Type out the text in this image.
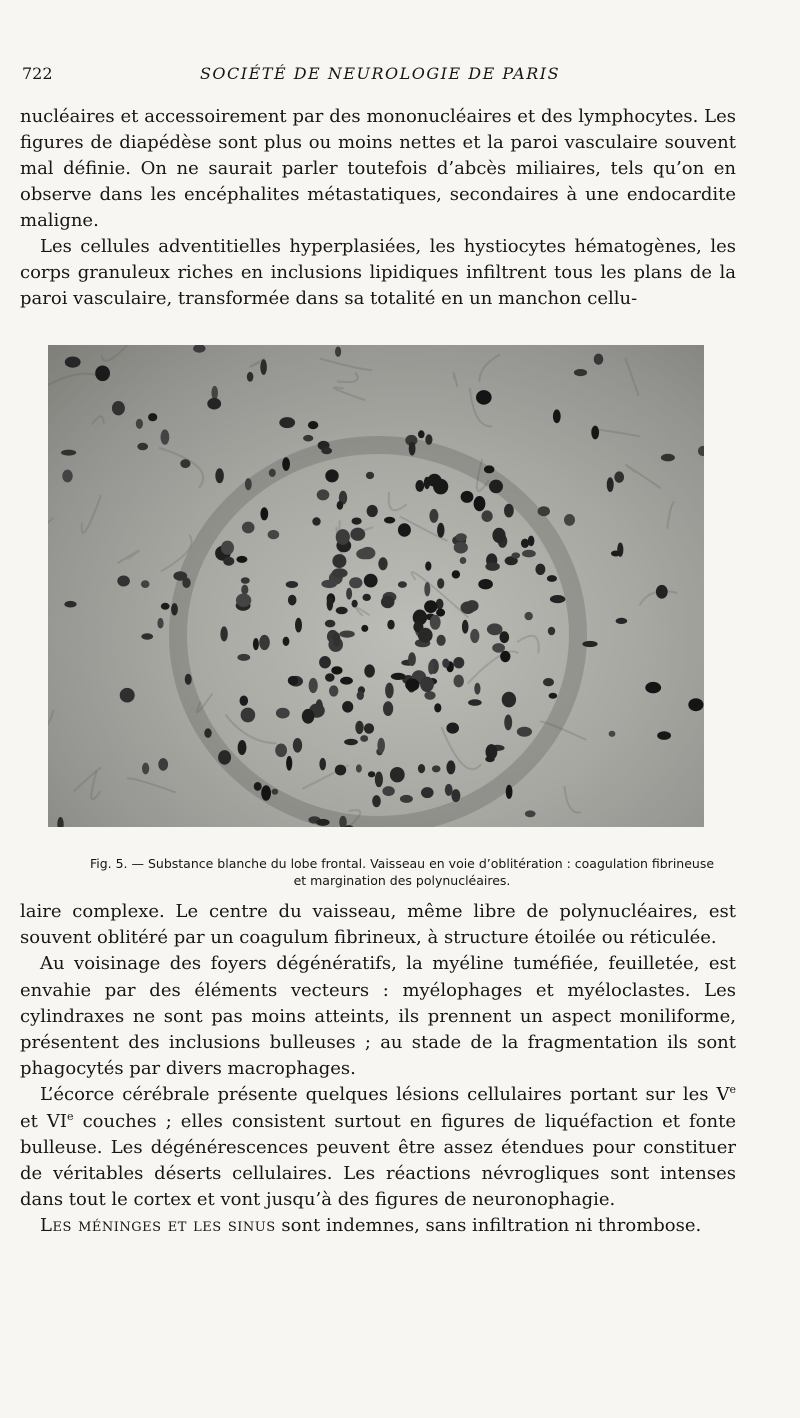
722	SOCIÉTÉ DE NEUROLOGIE DE PARIS

nucléaires et accessoirement par des mononucléaires et des lymphocytes. Les figures de diapédèse sont plus ou moins nettes et la paroi vasculaire souvent mal définie. On ne saurait parler toutefois d’abcès miliaires, tels qu’on en observe dans les encéphalites métastatiques, secondaires à une endocardite maligne.

Les cellules adventitielles hyperplasiées, les hystiocytes hématogènes, les corps granuleux riches en inclusions lipidiques infiltrent tous les plans de la paroi vasculaire, transformée dans sa totalité en un manchon cellu-

Fig. 5. — Substance blanche du lobe frontal. Vaisseau en voie d’oblitération : coagulation fibrineuse
et margination des polynucléaires.

laire complexe. Le centre du vaisseau, même libre de polynucléaires, est souvent oblitéré par un coagulum fibrineux, à structure étoilée ou réticulée.

Au voisinage des foyers dégénératifs, la myéline tuméfiée, feuilletée, est envahie par des éléments vecteurs : myélophages et myéloclastes. Les cylindraxes ne sont pas moins atteints, ils prennent un aspect moniliforme, présentent des inclusions bulleuses ; au stade de la fragmentation ils sont phagocytés par divers macrophages.

L’écorce cérébrale présente quelques lésions cellulaires portant sur les Ve et VIe couches ; elles consistent surtout en figures de liquéfaction et fonte bulleuse. Les dégénérescences peuvent être assez étendues pour constituer de véritables déserts cellulaires. Les réactions névrogliques sont intenses dans tout le cortex et vont jusqu’à des figures de neuronophagie.

Les méninges et les sinus sont indemnes, sans infiltration ni thrombose.
